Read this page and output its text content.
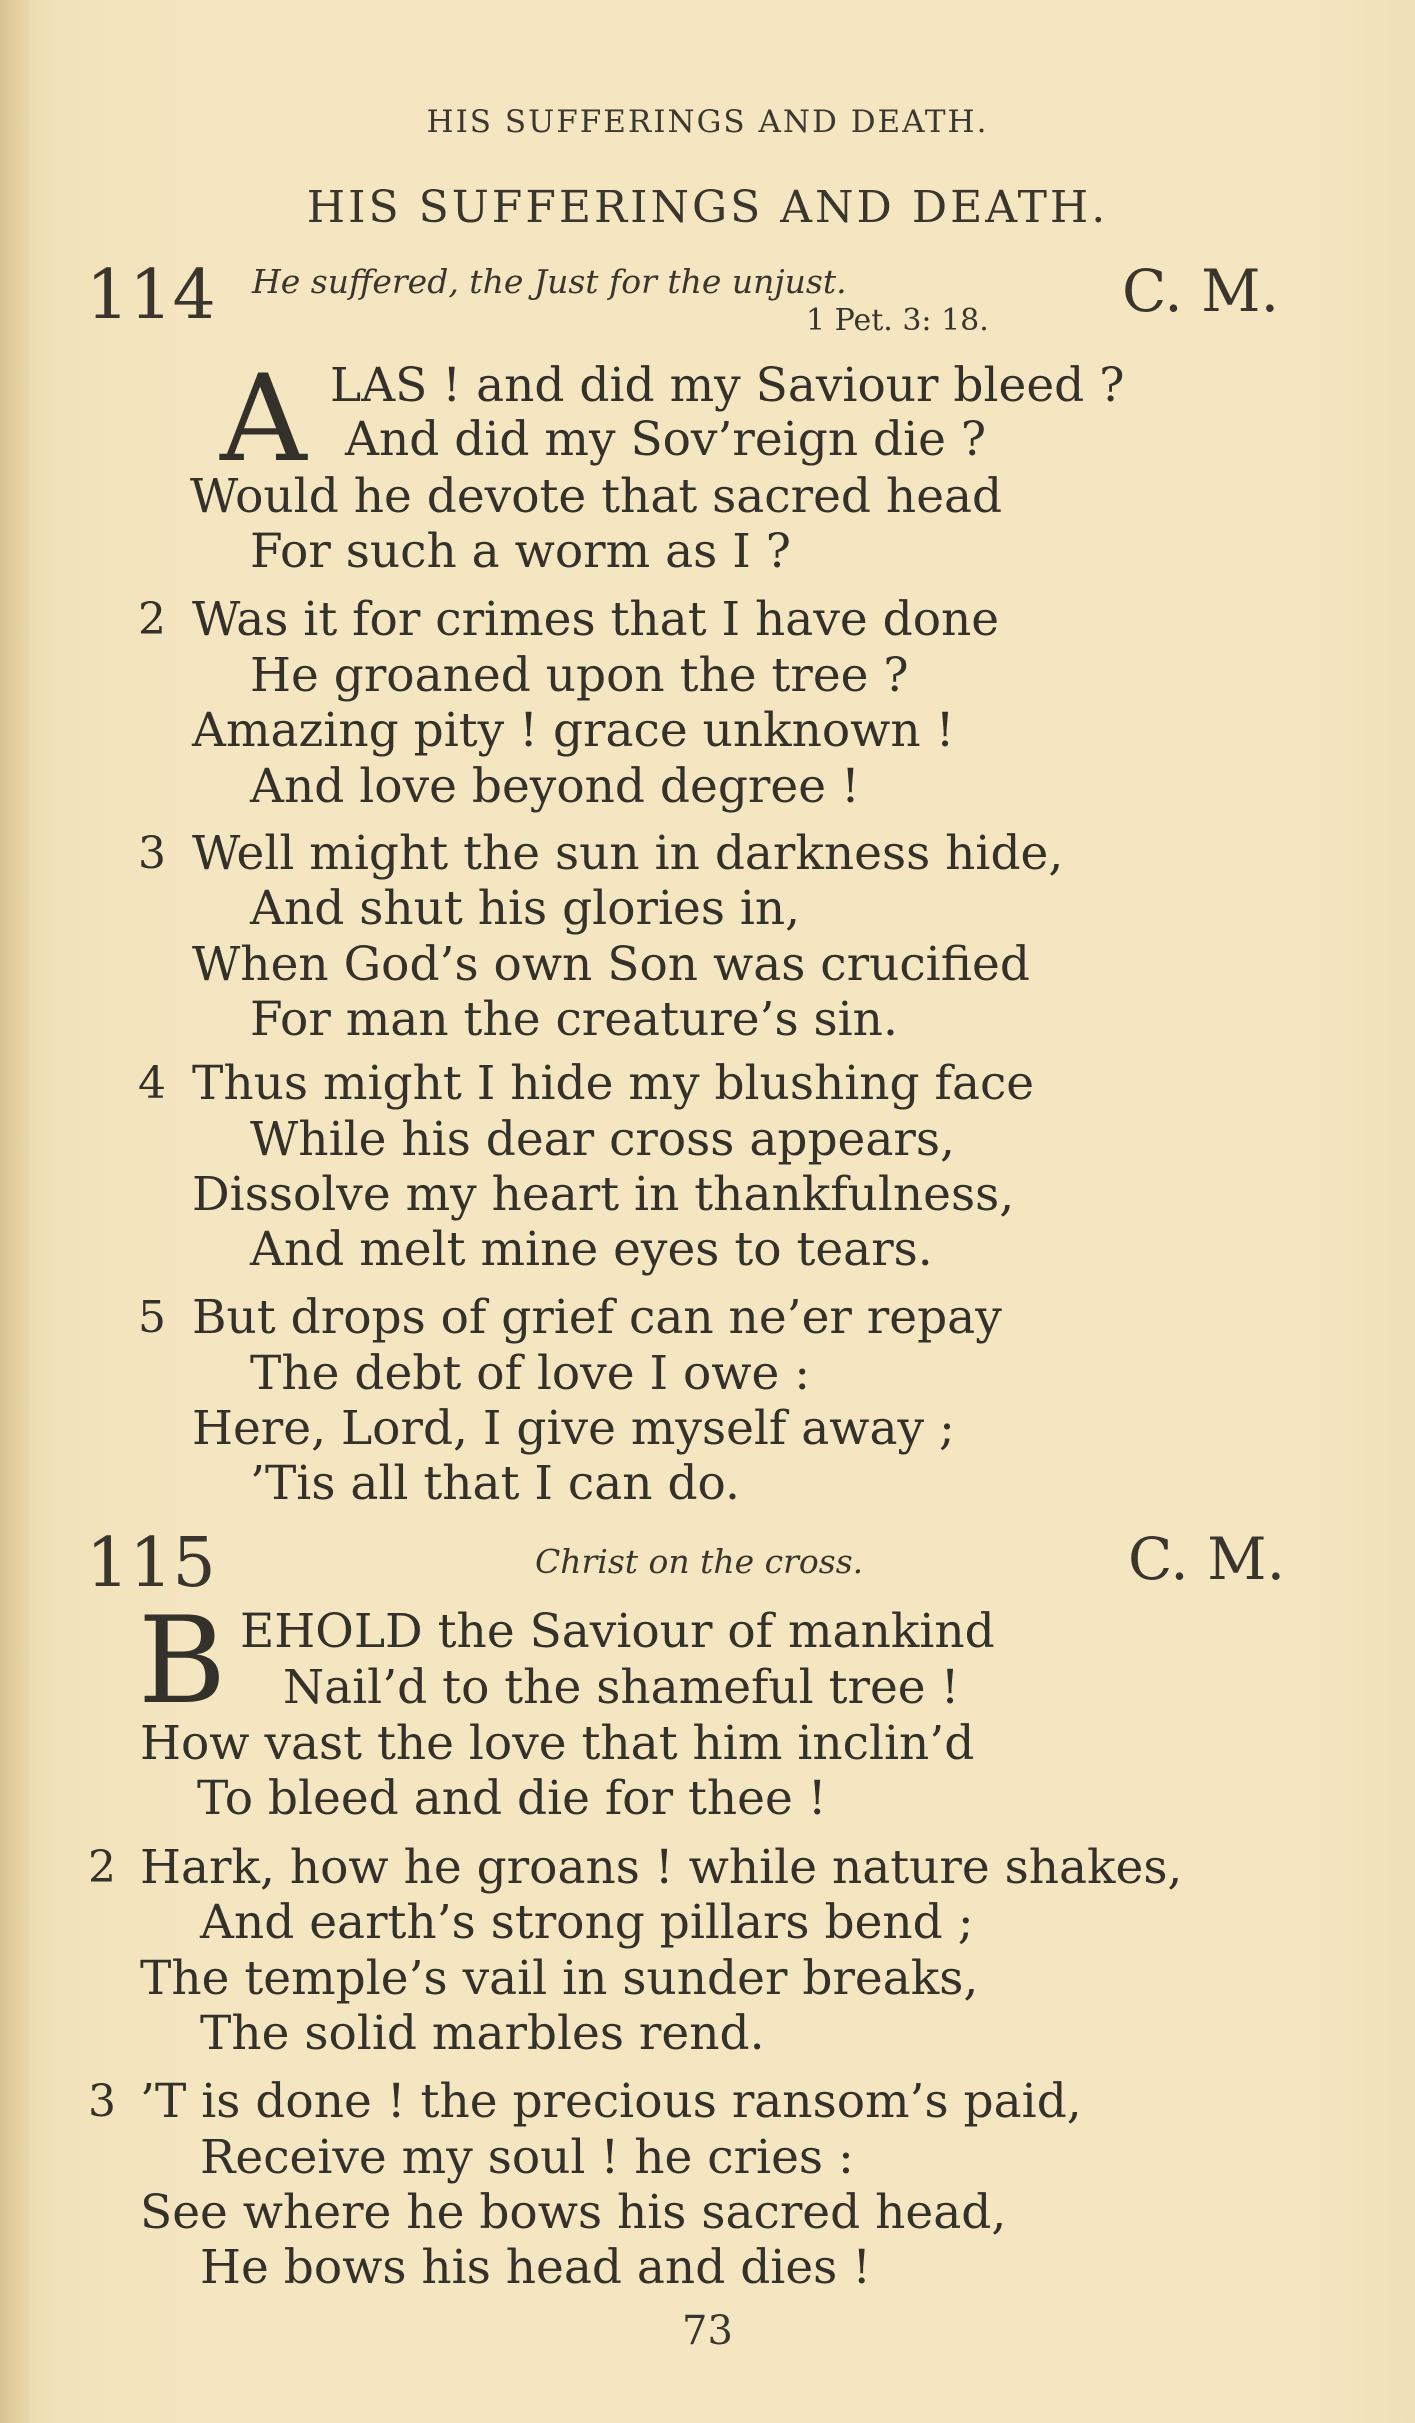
HIS SUFFERINGS AND DEATH.
HIS SUFFERINGS AND DEATH.
114 He suffered, the Just for the unjust.
1 Pet. 3: 18. C. M.
A LAS ! and did my Saviour bleed ?
And did my Sov’reign die ?
Would he devote that sacred head
For such a worm as I ?
2 Was it for crimes that I have done
He groaned upon the tree ?
Amazing pity ! grace unknown !
And love beyond degree !
3 Well might the sun in darkness hide,
And shut his glories in,
When God’s own Son was crucified
For man the creature’s sin.
4 Thus might I hide my blushing face
While his dear cross appears,
Dissolve my heart in thankfulness,
And melt mine eyes to tears.
5 But drops of grief can ne’er repay
The debt of love I owe :
Here, Lord, I give myself away ;
’Tis all that I can do.
115	Christ on the cross.	C. M.
B EHOLD the Saviour of mankind
Nail’d to the shameful tree !
How vast the love that him inclin’d
To bleed and die for thee !
2 Hark, how he groans ! while nature shakes,
And earth’s strong pillars bend ;
The temple’s vail in sunder breaks,
The solid marbles rend.
3 ’T is done ! the precious ransom’s paid,
Receive my soul ! he cries :
See where he bows his sacred head,
He bows his head and dies !
73
